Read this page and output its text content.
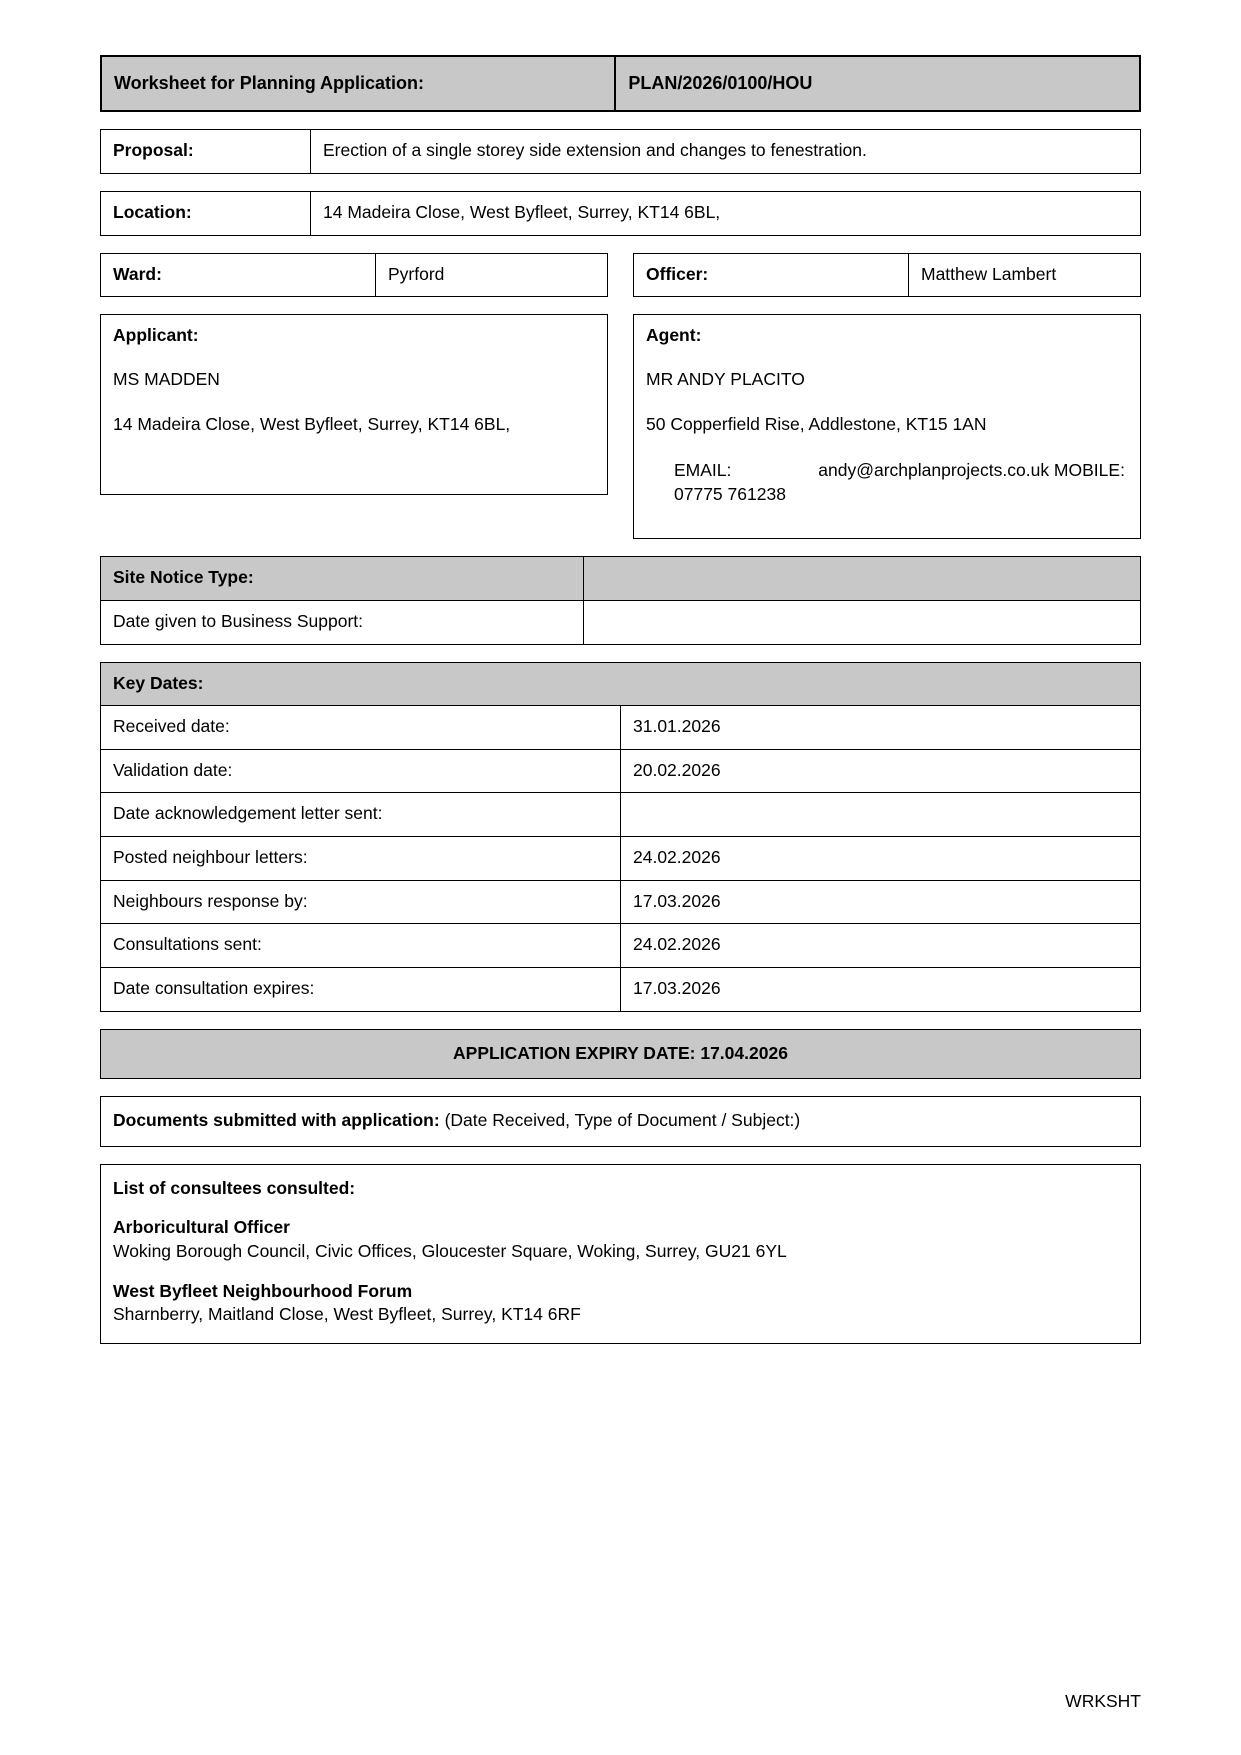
Worksheet for Planning Application:	PLAN/2026/0100/HOU
Proposal:	Erection of a single storey side extension and changes to fenestration.
Location:	14 Madeira Close, West Byfleet, Surrey, KT14 6BL,
Ward:	Pyrford	Officer:	Matthew Lambert

Applicant:

MS MADDEN

14 Madeira Close, West Byfleet, Surrey, KT14 6BL,

Agent:

MR ANDY PLACITO

50 Copperfield Rise, Addlestone, KT15 1AN

EMAIL:	andy@archplanprojects.co.uk MOBILE: 07775 761238

Site Notice Type:	
Date given to Business Support:	
Key Dates:	
Received date:	31.01.2026
Validation date:	20.02.2026
Date acknowledgement letter sent:	
Posted neighbour letters:	24.02.2026
Neighbours response by:	17.03.2026
Consultations sent:	24.02.2026
Date consultation expires:	17.03.2026
APPLICATION EXPIRY DATE: 17.04.2026
Documents submitted with application: (Date Received, Type of Document / Subject:)

List of consultees consulted:

Arboricultural Officer

Woking Borough Council, Civic Offices, Gloucester Square, Woking, Surrey, GU21 6YL

West Byfleet Neighbourhood Forum

Sharnberry, Maitland Close, West Byfleet, Surrey, KT14 6RF

WRKSHT
